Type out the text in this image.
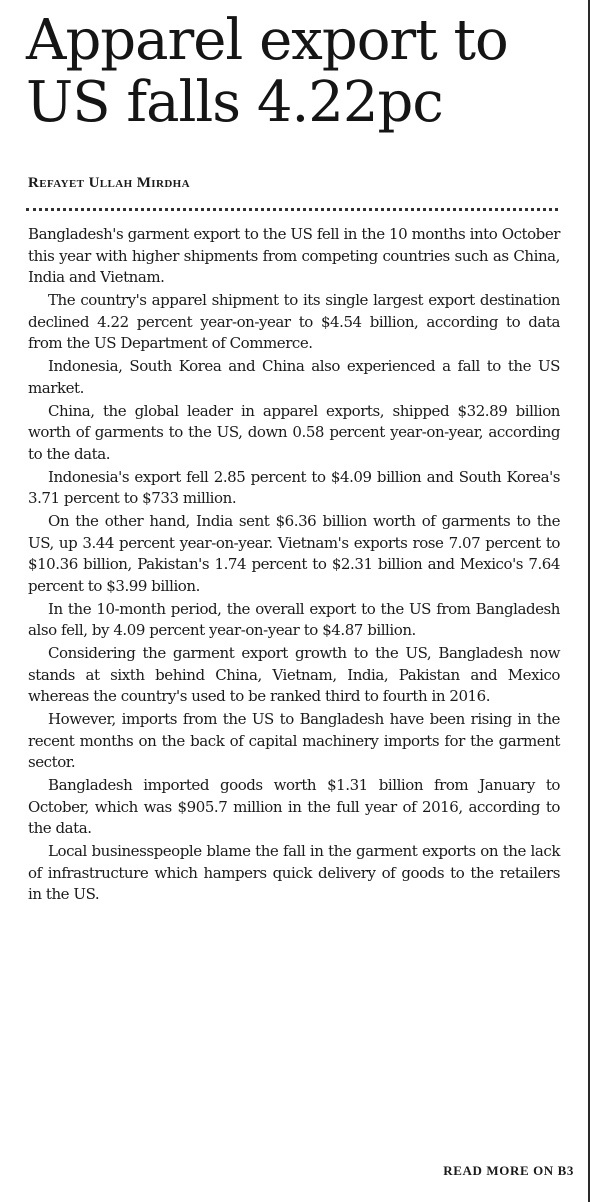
Apparel export to
US falls 4.22pc
Refayet Ullah Mirdha

Bangladesh's garment export to the US fell in the 10 months into October this year with higher shipments from competing countries such as China, India and Vietnam.

The country's apparel shipment to its single largest export destination declined 4.22 percent year-on-year to $4.54 billion, according to data from the US Department of Commerce.

Indonesia, South Korea and China also experienced a fall to the US market.

China, the global leader in apparel exports, shipped $32.89 billion worth of garments to the US, down 0.58 percent year-on-year, according to the data.

Indonesia's export fell 2.85 percent to $4.09 billion and South Korea's 3.71 percent to $733 million.

On the other hand, India sent $6.36 billion worth of garments to the US, up 3.44 percent year-on-year. Vietnam's exports rose 7.07 percent to $10.36 billion, Pakistan's 1.74 percent to $2.31 billion and Mexico's 7.64 percent to $3.99 billion.

In the 10-month period, the overall export to the US from Bangladesh also fell, by 4.09 percent year-on-year to $4.87 billion.

Considering the garment export growth to the US, Bangladesh now stands at sixth behind China, Vietnam, India, Pakistan and Mexico whereas the country's used to be ranked third to fourth in 2016.

However, imports from the US to Bangladesh have been rising in the recent months on the back of capital machinery imports for the garment sector.

Bangladesh imported goods worth $1.31 billion from January to October, which was $905.7 million in the full year of 2016, according to the data.

Local businesspeople blame the fall in the garment exports on the lack of infrastructure which hampers quick delivery of goods to the retailers in the US.

READ MORE ON B3
